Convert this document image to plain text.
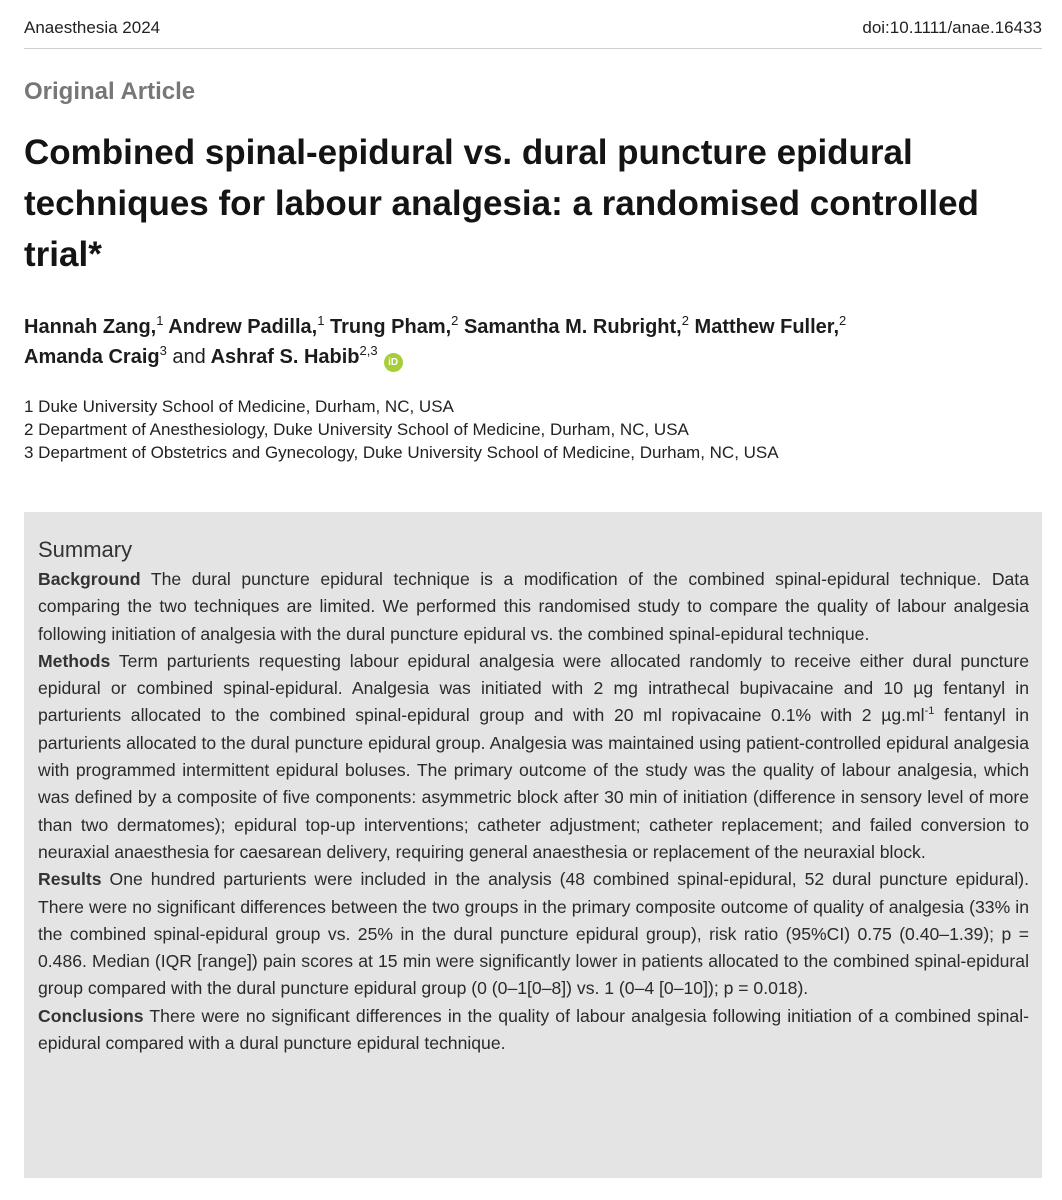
Anaesthesia 2024	doi:10.1111/anae.16433
Original Article
Combined spinal-epidural vs. dural puncture epidural techniques for labour analgesia: a randomised controlled trial*
Hannah Zang,$^1$ Andrew Padilla,$^1$ Trung Pham,$^2$ Samantha M. Rubright,$^2$ Matthew Fuller,$^2$
Amanda Craig$^3$ and Ashraf S. Habib$^{2,3}$iD
1 Duke University School of Medicine, Durham, NC, USA
2 Department of Anesthesiology, Duke University School of Medicine, Durham, NC, USA
3 Department of Obstetrics and Gynecology, Duke University School of Medicine, Durham, NC, USA
Summary

Background The dural puncture epidural technique is a modification of the combined spinal-epidural technique. Data comparing the two techniques are limited. We performed this randomised study to compare the quality of labour analgesia following initiation of analgesia with the dural puncture epidural vs. the combined spinal-epidural technique.

Methods Term parturients requesting labour epidural analgesia were allocated randomly to receive either dural puncture epidural or combined spinal-epidural. Analgesia was initiated with 2 mg intrathecal bupivacaine and 10 µg fentanyl in parturients allocated to the combined spinal-epidural group and with 20 ml ropivacaine 0.1% with 2 $\mu g.ml^{-1}$ fentanyl in parturients allocated to the dural puncture epidural group. Analgesia was maintained using patient-controlled epidural analgesia with programmed intermittent epidural boluses. The primary outcome of the study was the quality of labour analgesia, which was defined by a composite of five components: asymmetric block after 30 min of initiation (difference in sensory level of more than two dermatomes); epidural top-up interventions; catheter adjustment; catheter replacement; and failed conversion to neuraxial anaesthesia for caesarean delivery, requiring general anaesthesia or replacement of the neuraxial block.

Results One hundred parturients were included in the analysis (48 combined spinal-epidural, 52 dural puncture epidural). There were no significant differences between the two groups in the primary composite outcome of quality of analgesia (33% in the combined spinal-epidural group vs. 25% in the dural puncture epidural group), risk ratio (95%CI) 0.75 (0.40–1.39); p = 0.486. Median (IQR [range]) pain scores at 15 min were significantly lower in patients allocated to the combined spinal-epidural group compared with the dural puncture epidural group (0 (0–1[0–8]) vs. 1 (0–4 [0–10]); p = 0.018).

Conclusions There were no significant differences in the quality of labour analgesia following initiation of a combined spinal-epidural compared with a dural puncture epidural technique.
